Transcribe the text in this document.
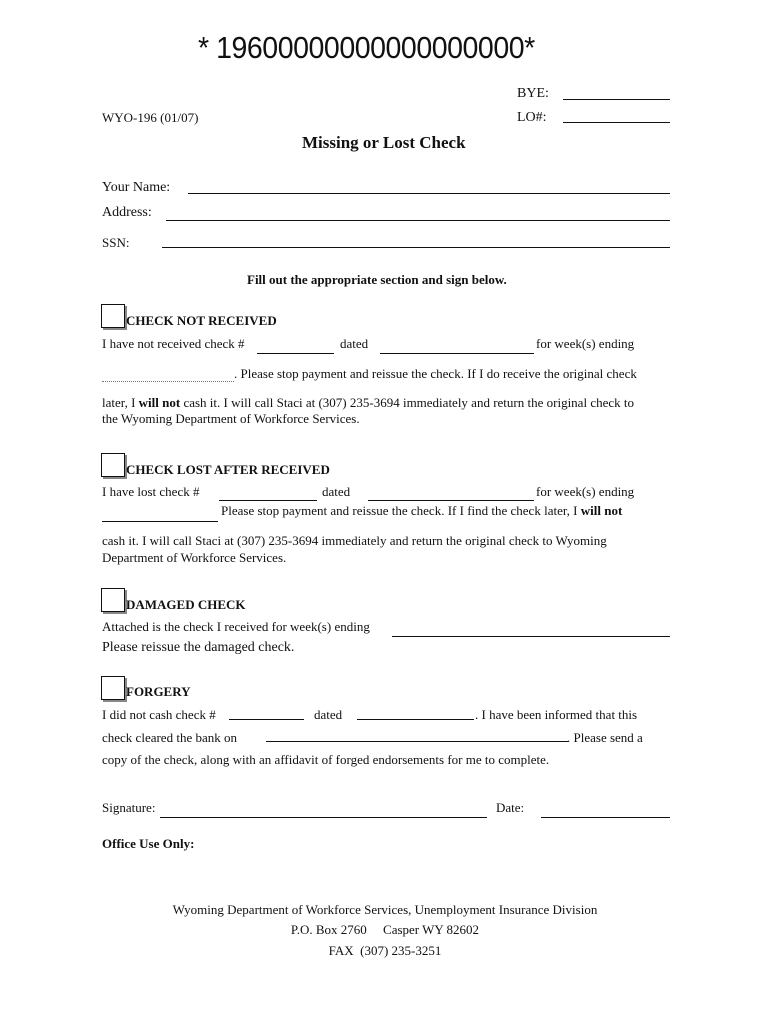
* 19600000000000000000*
BYE:
WYO-196 (01/07)	LO#:
Missing or Lost Check
Your Name:
Address:
SSN:
Fill out the appropriate section and sign below.
CHECK NOT RECEIVED
I have not received check #	dated	for week(s) ending
. Please stop payment and reissue the check. If I do receive the original check
later, I will not cash it. I will call Staci at (307) 235-3694 immediately and return the original check to
the Wyoming Department of Workforce Services.
CHECK LOST AFTER RECEIVED
I have lost check #	dated	for week(s) ending
Please stop payment and reissue the check. If I find the check later, I will not
cash it. I will call Staci at (307) 235-3694 immediately and return the original check to Wyoming
Department of Workforce Services.
DAMAGED CHECK
Attached is the check I received for week(s) ending
Please reissue the damaged check.
FORGERY
I did not cash check #	dated	. I have been informed that this
check cleared the bank on	. Please send a
copy of the check, along with an affidavit of forged endorsements for me to complete.
Signature:	Date:
Office Use Only:
Wyoming Department of Workforce Services, Unemployment Insurance Division
P.O. Box 2760     Casper WY 82602
FAX  (307) 235-3251
